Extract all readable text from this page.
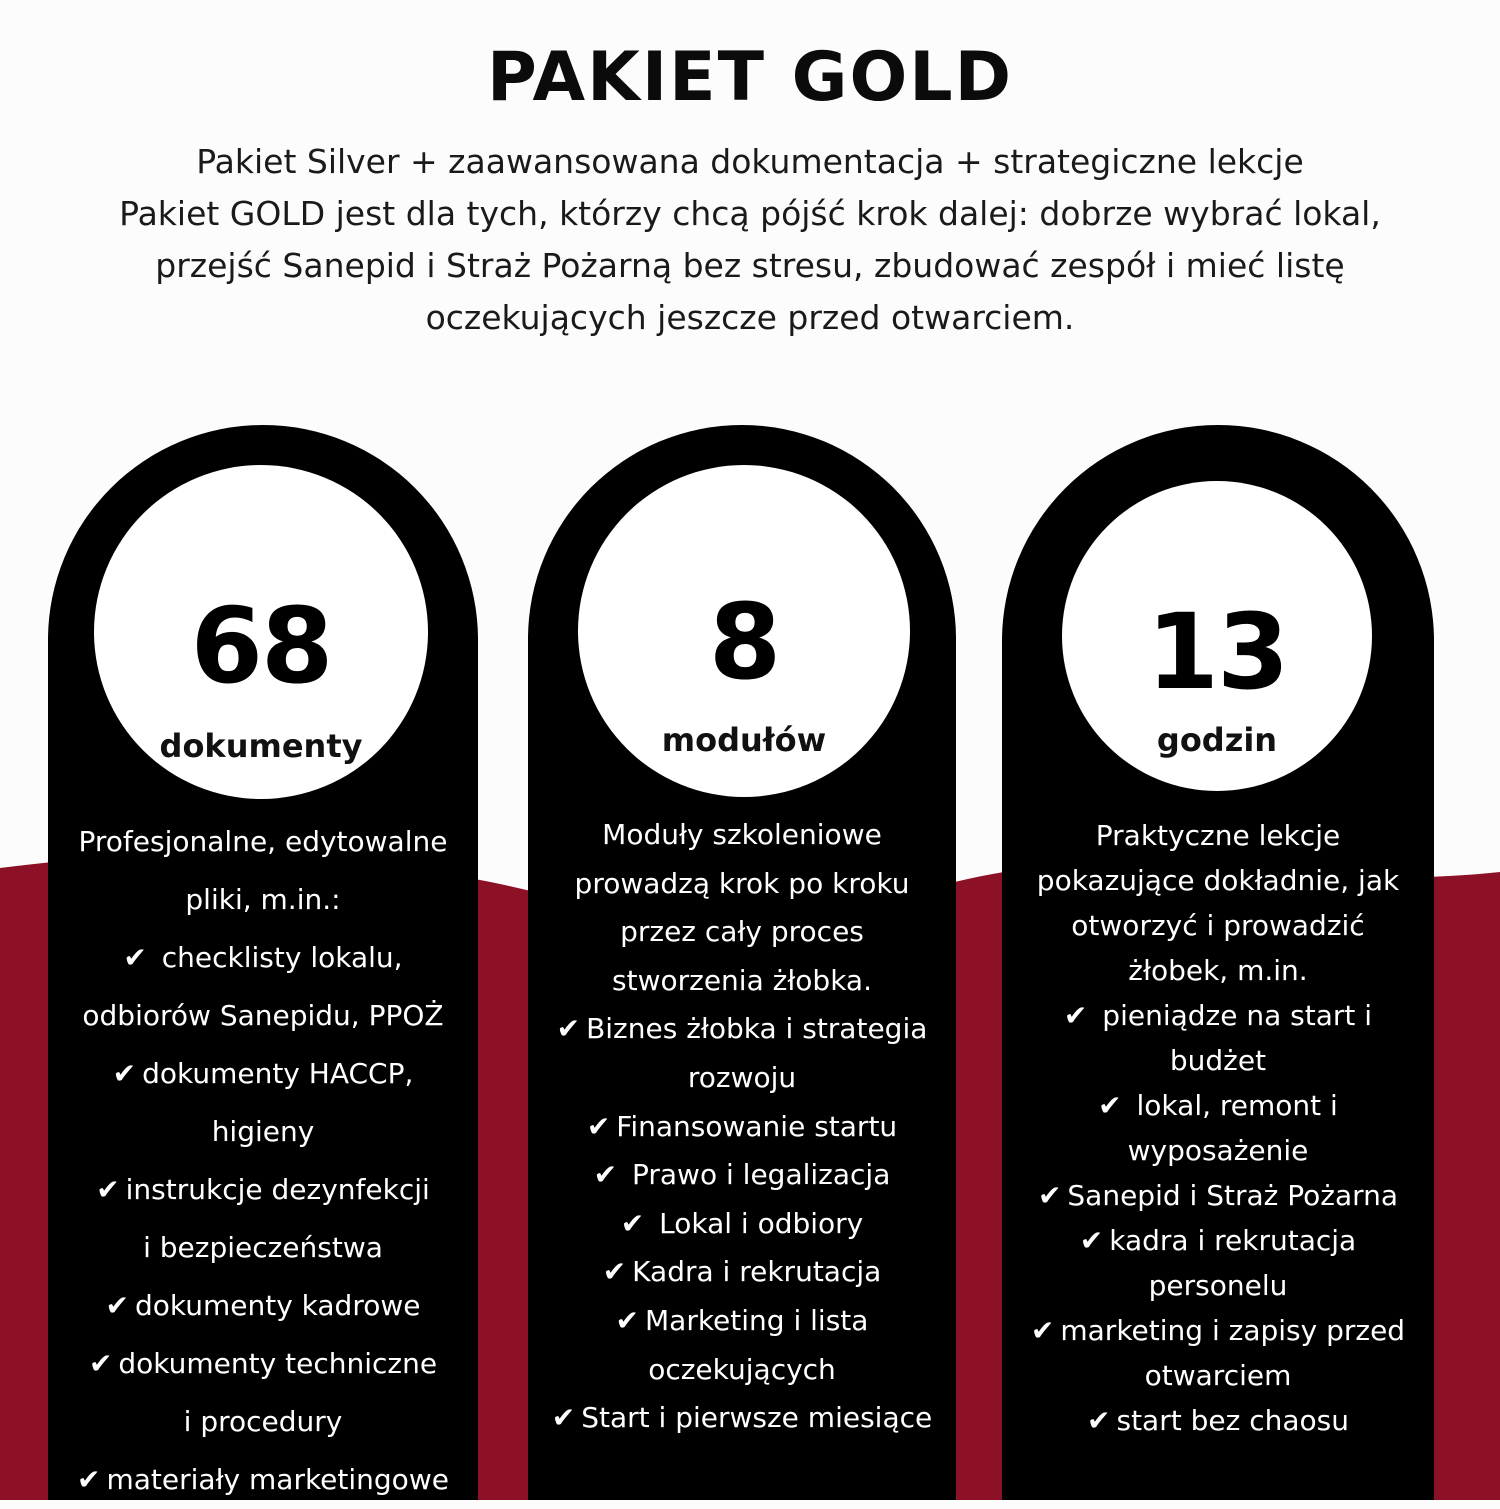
PAKIET GOLD
Pakiet Silver + zaawansowana dokumentacja + strategiczne lekcje
Pakiet GOLD jest dla tych, którzy chcą pójść krok dalej: dobrze wybrać lokal,
przejść Sanepid i Straż Pożarną bez stresu, zbudować zespół i mieć listę
oczekujących jeszcze przed otwarciem.
68
dokumenty
Profesjonalne, edytowalne
pliki, m.in.:
✔ checklisty lokalu,
odbiorów Sanepidu, PPOŻ
✔ dokumenty HACCP,
higieny
✔ instrukcje dezynfekcji
i bezpieczeństwa
✔ dokumenty kadrowe
✔ dokumenty techniczne
i procedury
✔ materiały marketingowe
8
modułów
Moduły szkoleniowe
prowadzą krok po kroku
przez cały proces
stworzenia żłobka.
✔ Biznes żłobka i strategia
rozwoju
✔ Finansowanie startu
✔ Prawo i legalizacja
✔ Lokal i odbiory
✔ Kadra i rekrutacja
✔ Marketing i lista
oczekujących
✔ Start i pierwsze miesiące
13
godzin
Praktyczne lekcje
pokazujące dokładnie, jak
otworzyć i prowadzić
żłobek, m.in.
✔ pieniądze na start i
budżet
✔ lokal, remont i
wyposażenie
✔ Sanepid i Straż Pożarna
✔ kadra i rekrutacja
personelu
✔ marketing i zapisy przed
otwarciem
✔ start bez chaosu
